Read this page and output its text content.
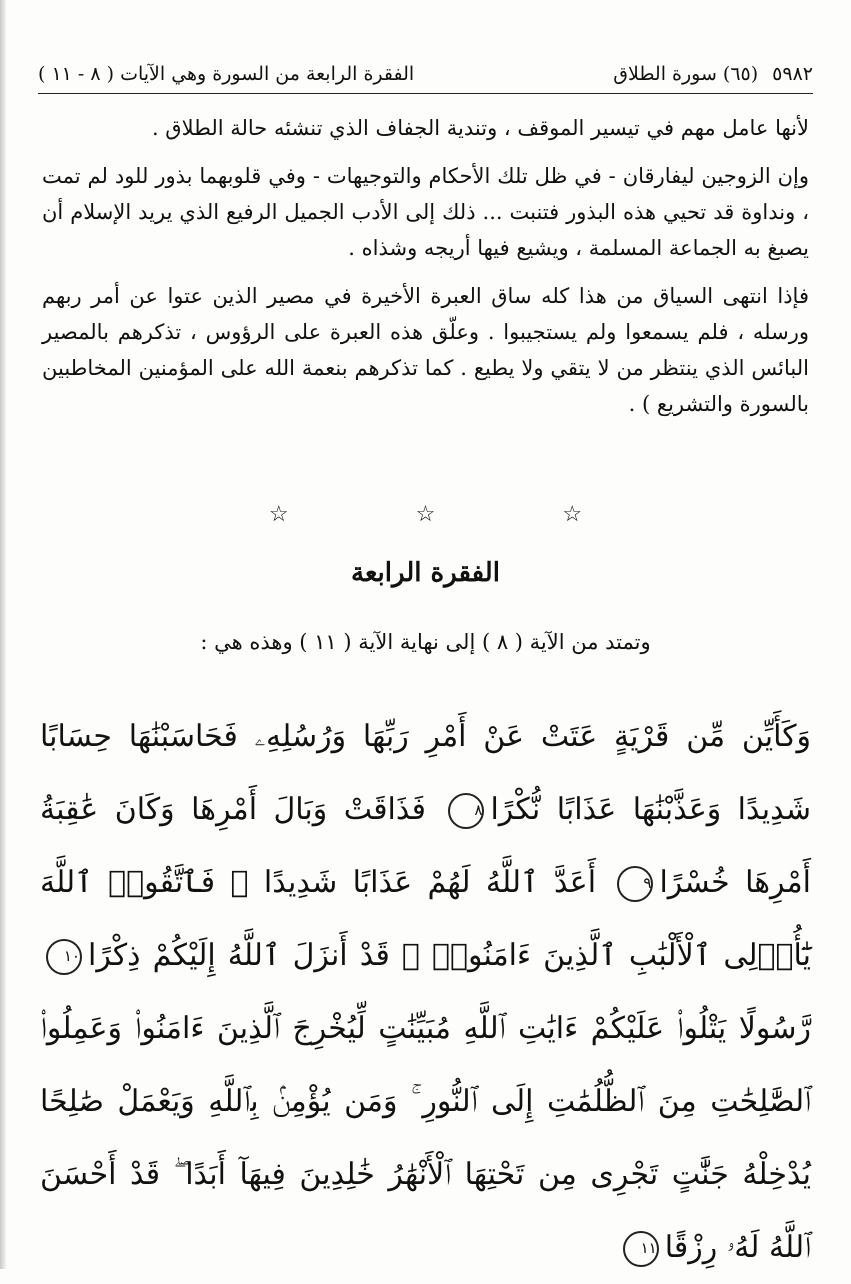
٥٩٨٢
(٦٥) سورة الطلاق
الفقرة الرابعة من السورة وهي الآيات ( ٨ - ١١ )

لأنها عامل مهم في تيسير الموقف ، وتندية الجفاف الذي تنشئه حالة الطلاق .

وإن الزوجين ليفارقان - في ظل تلك الأحكام والتوجيهات - وفي قلوبهما بذور للود لم تمت ، ونداوة قد تحيي هذه البذور فتنبت ... ذلك إلى الأدب الجميل الرفيع الذي يريد الإسلام أن يصبغ به الجماعة المسلمة ، ويشيع فيها أريجه وشذاه .

فإذا انتهى السياق من هذا كله ساق العبرة الأخيرة في مصير الذين عتوا عن أمر ربهم ورسله ، فلم يسمعوا ولم يستجيبوا . وعلّق هذه العبرة على الرؤوس ، تذكرهم بالمصير البائس الذي ينتظر من لا يتقي ولا يطيع . كما تذكرهم بنعمة الله على المؤمنين المخاطبين بالسورة والتشريع ) .

☆ ☆ ☆
الفقرة الرابعة
وتمتد من الآية ( ٨ ) إلى نهاية الآية ( ١١ ) وهذه هي :
وَكَأَيِّن مِّن قَرْيَةٍ عَتَتْ عَنْ أَمْرِ رَبِّهَا وَرُسُلِهِۦ فَحَاسَبْنَٰهَا حِسَابًا شَدِيدًا وَعَذَّبْنَٰهَا عَذَابًا نُّكْرًا٨ فَذَاقَتْ وَبَالَ أَمْرِهَا وَكَانَ عَٰقِبَةُ أَمْرِهَا خُسْرًا٩ أَعَدَّ ٱللَّهُ لَهُمْ عَذَابًا شَدِيدًا ۖ فَٱتَّقُوا۟ ٱللَّهَ يَٰٓأُو۟لِى ٱلْأَلْبَٰبِ ٱلَّذِينَ ءَامَنُوا۟ ۚ قَدْ أَنزَلَ ٱللَّهُ إِلَيْكُمْ ذِكْرًا١٠ رَّسُولًا يَتْلُوا۟ عَلَيْكُمْ ءَايَٰتِ ٱللَّهِ مُبَيِّنَٰتٍ لِّيُخْرِجَ ٱلَّذِينَ ءَامَنُوا۟ وَعَمِلُوا۟ ٱلصَّٰلِحَٰتِ مِنَ ٱلظُّلُمَٰتِ إِلَى ٱلنُّورِ ۚ وَمَن يُؤْمِنۢ بِٱللَّهِ وَيَعْمَلْ صَٰلِحًا يُدْخِلْهُ جَنَّٰتٍ تَجْرِى مِن تَحْتِهَا ٱلْأَنْهَٰرُ خَٰلِدِينَ فِيهَآ أَبَدًا ۖ قَدْ أَحْسَنَ ٱللَّهُ لَهُۥ رِزْقًا١١
